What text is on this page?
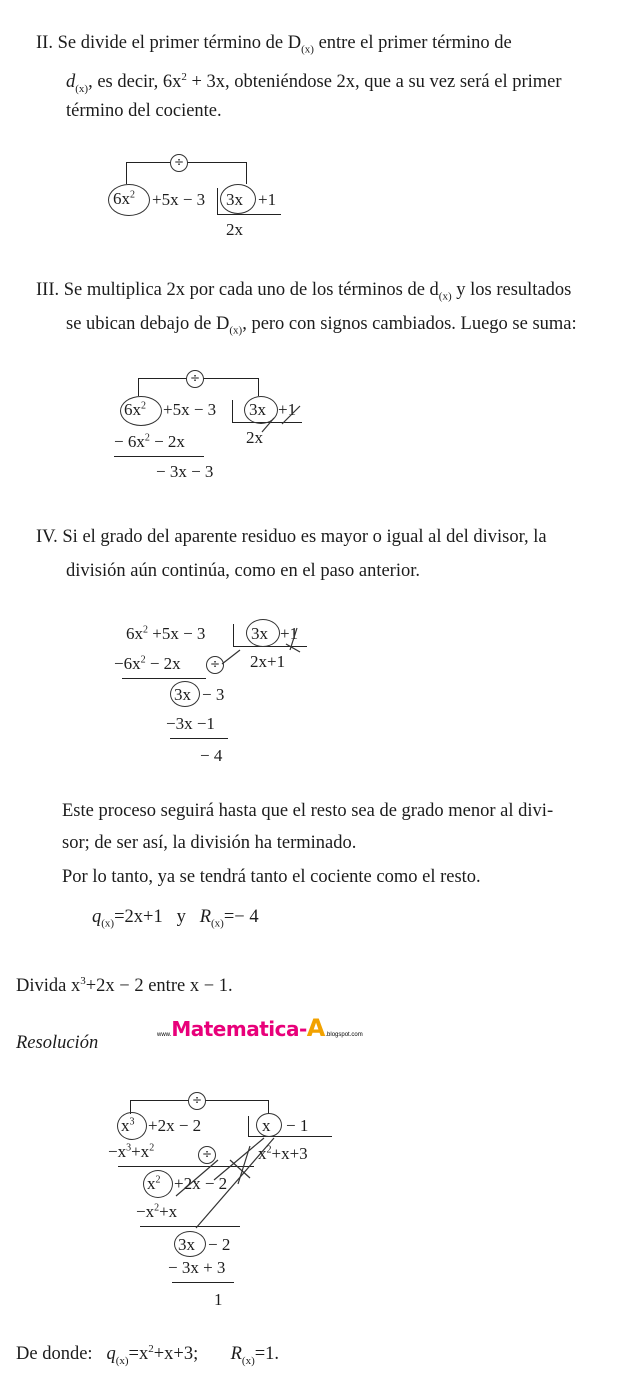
II. Se divide el primer término de $D_{(x)}$ entre el primer término de
$d_{(x)}$, es decir, $6x^2 + 3x$, obteniéndose 2x, que a su vez será el primer
término del cociente.
÷
$6x^2 +5x - 3$ 3x +1
2x
III. Se multiplica 2x por cada uno de los términos de $d_{(x)}$ y los resultados
se ubican debajo de $D_{(x)}$, pero con signos cambiados. Luego se suma:
÷
$6x^2 +5x - 3$ 3x +1
2x
− $6x^2 - 2x$
− 3x − 3
IV. Si el grado del aparente residuo es mayor o igual al del divisor, la
división aún continúa, como en el paso anterior.
$6x^2 +5x - 3$	3x +1
2x+1
$-6x^2 - 2x$	÷
3x − 3
−3x −1
− 4
Este proceso seguirá hasta que el resto sea de grado menor al divi-
sor; de ser así, la división ha terminado.
Por lo tanto, ya se tendrá tanto el cociente como el resto.
$q_{(x)}=2x+1$ y $R_{(x)}=- 4$
Divida $x^3+2x - 2$ entre x − 1.
Resolución	www.Matematica-A.blogspot.com
÷
$x^3 +2x - 2$	x − 1
$-x^3+x^2$	÷	$x^2+x+3$
$x^2 +2x - 2$
$-x^2+x$
3x − 2
− 3x + 3
1
De donde: $q_{(x)}=x^2+x+3$; $R_{(x)}=1$.
